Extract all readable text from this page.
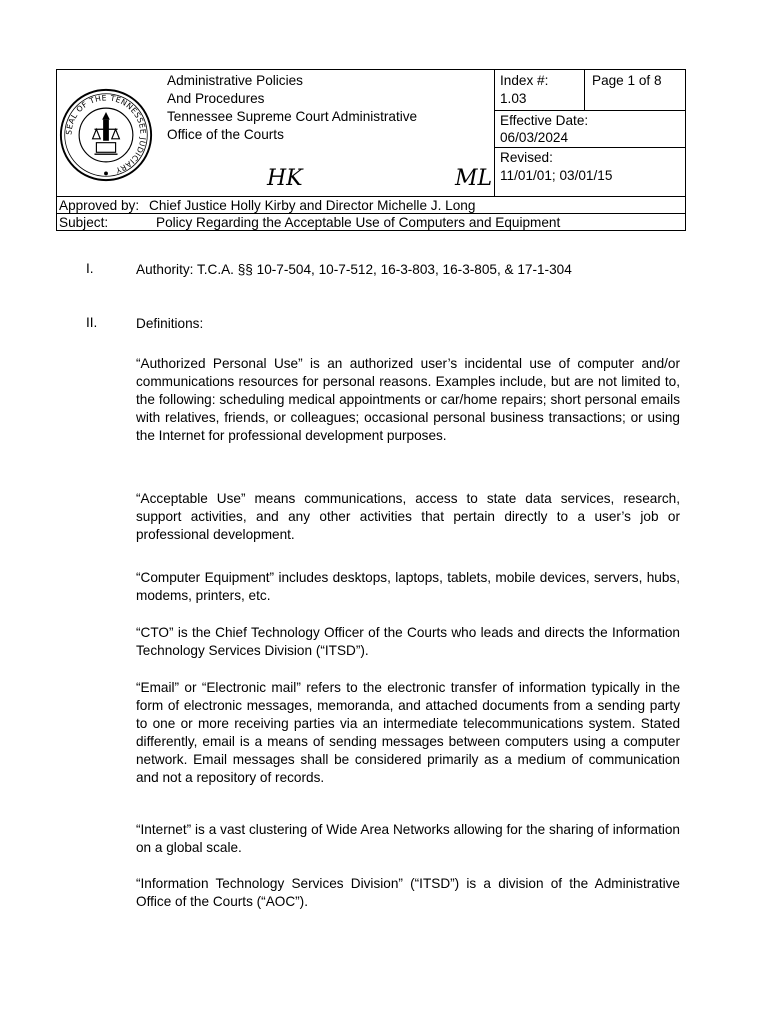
SEAL OF THE TENNESSEE JUDICIARY
Administrative Policies
And Procedures
Tennessee Supreme Court Administrative
Office of the Courts
HK	ML
Index #:
1.03
Page 1 of 8
Effective Date:
06/03/2024
Revised:
11/01/01; 03/01/15
Approved by: Chief Justice Holly Kirby and Director Michelle J. Long
Subject:	Policy Regarding the Acceptable Use of Computers and Equipment
I.	Authority: T.C.A. §§ 10-7-504, 10-7-512, 16-3-803, 16-3-805, & 17-1-304
II.	Definitions:
“Authorized Personal Use” is an authorized user’s incidental use of computer and/or communications resources for personal reasons. Examples include, but are not limited to, the following: scheduling medical appointments or car/home repairs; short personal emails with relatives, friends, or colleagues; occasional personal business transactions; or using the Internet for professional development purposes.
“Acceptable Use” means communications, access to state data services, research, support activities, and any other activities that pertain directly to a user’s job or professional development.
“Computer Equipment” includes desktops, laptops, tablets, mobile devices, servers, hubs, modems, printers, etc.
“CTO” is the Chief Technology Officer of the Courts who leads and directs the Information Technology Services Division (“ITSD”).
“Email” or “Electronic mail” refers to the electronic transfer of information typically in the form of electronic messages, memoranda, and attached documents from a sending party to one or more receiving parties via an intermediate telecommunications system. Stated differently, email is a means of sending messages between computers using a computer network. Email messages shall be considered primarily as a medium of communication and not a repository of records.
“Internet” is a vast clustering of Wide Area Networks allowing for the sharing of information on a global scale.
“Information Technology Services Division” (“ITSD”) is a division of the Administrative Office of the Courts (“AOC”).
